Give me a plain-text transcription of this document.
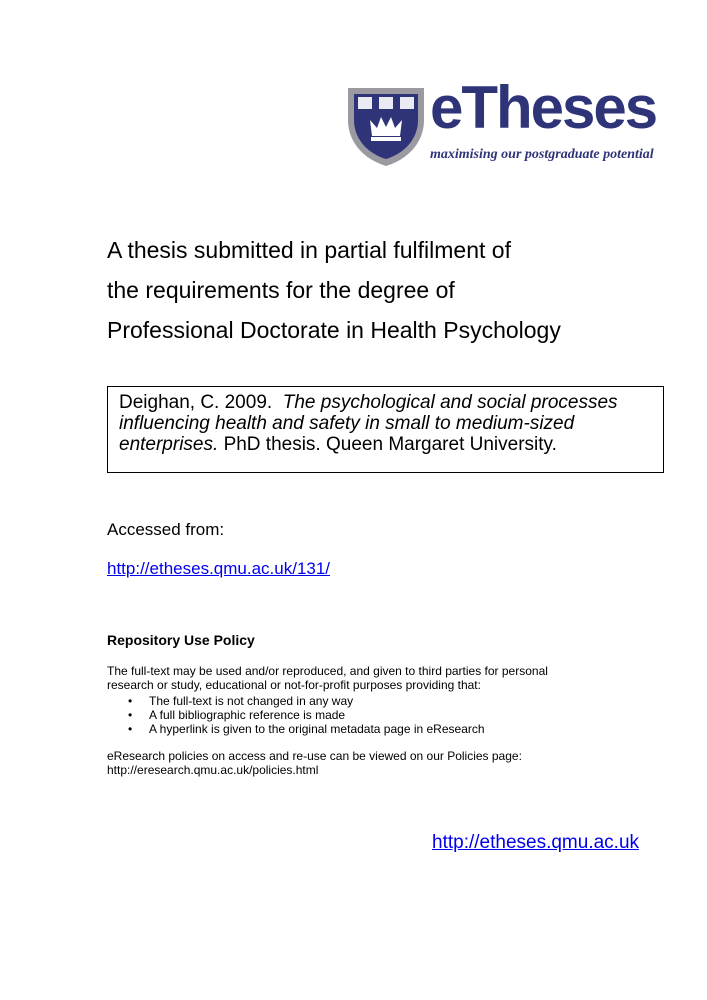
eTheses
maximising our postgraduate potential
A thesis submitted in partial fulfilment of
the requirements for the degree of
Professional Doctorate in Health Psychology
Deighan, C. 2009. The psychological and social processes influencing health and safety in small to medium-sized enterprises. PhD thesis. Queen Margaret University.
Accessed from:
http://etheses.qmu.ac.uk/131/
Repository Use Policy
The full-text may be used and/or reproduced, and given to third parties for personal research or study, educational or not-for-profit purposes providing that:
• The full-text is not changed in any way
• A full bibliographic reference is made
• A hyperlink is given to the original metadata page in eResearch
eResearch policies on access and re-use can be viewed on our Policies page: http://eresearch.qmu.ac.uk/policies.html
http://etheses.qmu.ac.uk
